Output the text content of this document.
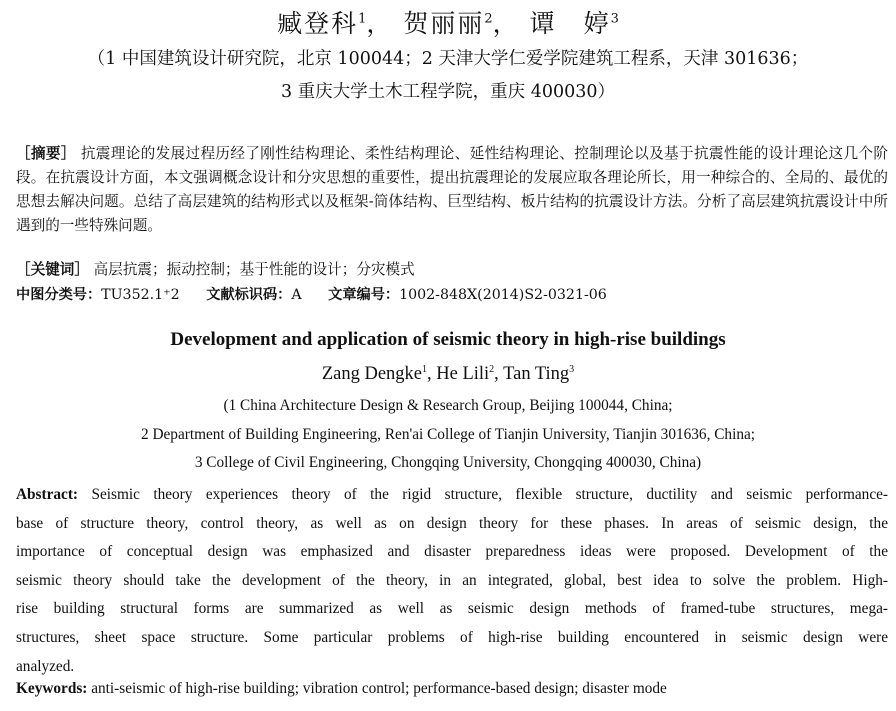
臧登科$^1$， 贺丽丽$^2$， 谭　婷$^3$
（1 中国建筑设计研究院，北京 100044；2 天津大学仁爱学院建筑工程系，天津 301636；
3 重庆大学土木工程学院，重庆 400030）
［摘要］ 抗震理论的发展过程历经了刚性结构理论、柔性结构理论、延性结构理论、控制理论以及基于抗震性能的设计理论这几个阶段。在抗震设计方面，本文强调概念设计和分灾思想的重要性，提出抗震理论的发展应取各理论所长，用一种综合的、全局的、最优的思想去解决问题。总结了高层建筑的结构形式以及框架-筒体结构、巨型结构、板片结构的抗震设计方法。分析了高层建筑抗震设计中所遇到的一些特殊问题。
［关键词］ 高层抗震；振动控制；基于性能的设计；分灾模式
中图分类号：TU352.1⁺2 文献标识码：A 文章编号：1002-848X(2014)S2-0321-06
Development and application of seismic theory in high-rise buildings
Zang Dengke$^1$, He Lili$^2$, Tan Ting$^3$
(1 China Architecture Design & Research Group, Beijing 100044, China;
2 Department of Building Engineering, Ren'ai College of Tianjin University, Tianjin 301636, China;
3 College of Civil Engineering, Chongqing University, Chongqing 400030, China)
Abstract: Seismic theory experiences theory of the rigid structure, flexible structure, ductility and seismic performance-
base of structure theory, control theory, as well as on design theory for these phases. In areas of seismic design, the
importance of conceptual design was emphasized and disaster preparedness ideas were proposed. Development of the
seismic theory should take the development of the theory, in an integrated, global, best idea to solve the problem. High-
rise building structural forms are summarized as well as seismic design methods of framed-tube structures, mega-
structures, sheet space structure. Some particular problems of high-rise building encountered in seismic design were
analyzed.
Keywords: anti-seismic of high-rise building; vibration control; performance-based design; disaster mode
